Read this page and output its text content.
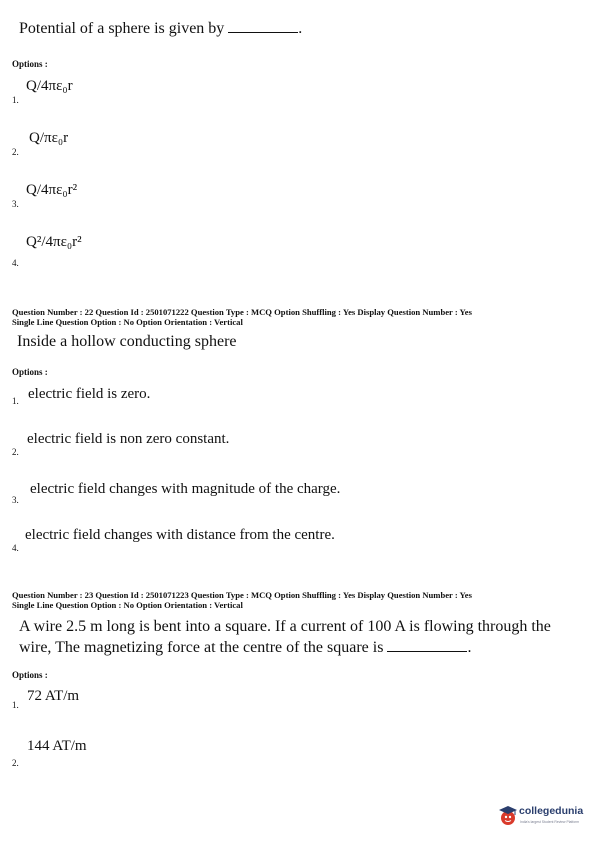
Potential of a sphere is given by	.
Options :
1.
Q/4πε₀r
2.
Q/πε₀r
3.
Q/4πε₀r²
4.
Q²/4πε₀r²
Question Number : 22 Question Id : 2501071222 Question Type : MCQ Option Shuffling : Yes Display Question Number : Yes
Single Line Question Option : No Option Orientation : Vertical
Inside a hollow conducting sphere
Options :
1. electric field is zero.
2.
electric field is non zero constant.
3.
electric field changes with magnitude of the charge.
4.
electric field changes with distance from the centre.
Question Number : 23 Question Id : 2501071223 Question Type : MCQ Option Shuffling : Yes Display Question Number : Yes
Single Line Question Option : No Option Orientation : Vertical
A wire 2.5 m long is bent into a square. If a current of 100 A is flowing through the
wire, The magnetizing force at the centre of the square is	.
Options :
1.
72 AT/m
2.
144 AT/m
collegedunia
India's largest Student Review Platform
